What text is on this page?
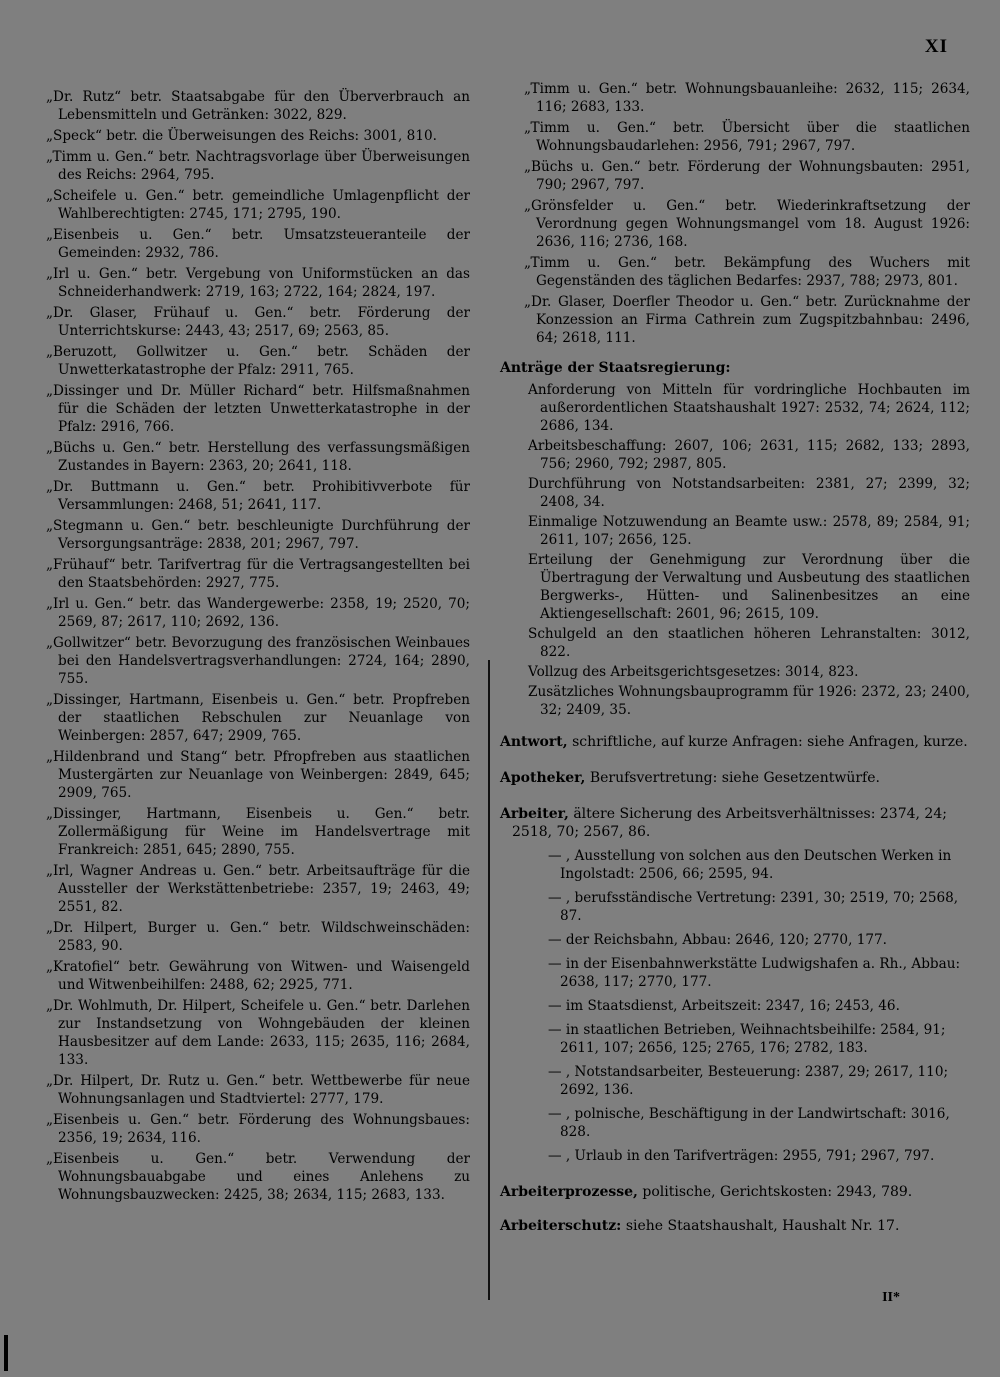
XI

„Dr. Rutz“ betr. Staatsabgabe für den Überverbrauch an Lebensmitteln und Getränken: 3022, 829.

„Speck“ betr. die Überweisungen des Reichs: 3001, 810.

„Timm u. Gen.“ betr. Nachtragsvorlage über Überweisungen des Reichs: 2964, 795.

„Scheifele u. Gen.“ betr. gemeindliche Umlagenpflicht der Wahlberechtigten: 2745, 171; 2795, 190.

„Eisenbeis u. Gen.“ betr. Umsatzsteueranteile der Gemeinden: 2932, 786.

„Irl u. Gen.“ betr. Vergebung von Uniformstücken an das Schneiderhandwerk: 2719, 163; 2722, 164; 2824, 197.

„Dr. Glaser, Frühauf u. Gen.“ betr. Förderung der Unterrichtskurse: 2443, 43; 2517, 69; 2563, 85.

„Beruzott, Gollwitzer u. Gen.“ betr. Schäden der Unwetterkatastrophe der Pfalz: 2911, 765.

„Dissinger und Dr. Müller Richard“ betr. Hilfsmaßnahmen für die Schäden der letzten Unwetterkatastrophe in der Pfalz: 2916, 766.

„Büchs u. Gen.“ betr. Herstellung des verfassungsmäßigen Zustandes in Bayern: 2363, 20; 2641, 118.

„Dr. Buttmann u. Gen.“ betr. Prohibitivverbote für Versammlungen: 2468, 51; 2641, 117.

„Stegmann u. Gen.“ betr. beschleunigte Durchführung der Versorgungsanträge: 2838, 201; 2967, 797.

„Frühauf“ betr. Tarifvertrag für die Vertragsangestellten bei den Staatsbehörden: 2927, 775.

„Irl u. Gen.“ betr. das Wandergewerbe: 2358, 19; 2520, 70; 2569, 87; 2617, 110; 2692, 136.

„Gollwitzer“ betr. Bevorzugung des französischen Weinbaues bei den Handelsvertragsverhandlungen: 2724, 164; 2890, 755.

„Dissinger, Hartmann, Eisenbeis u. Gen.“ betr. Propfreben der staatlichen Rebschulen zur Neuanlage von Weinbergen: 2857, 647; 2909, 765.

„Hildenbrand und Stang“ betr. Pfropfreben aus staatlichen Mustergärten zur Neuanlage von Weinbergen: 2849, 645; 2909, 765.

„Dissinger, Hartmann, Eisenbeis u. Gen.“ betr. Zollermäßigung für Weine im Handelsvertrage mit Frankreich: 2851, 645; 2890, 755.

„Irl, Wagner Andreas u. Gen.“ betr. Arbeitsaufträge für die Aussteller der Werkstättenbetriebe: 2357, 19; 2463, 49; 2551, 82.

„Dr. Hilpert, Burger u. Gen.“ betr. Wildschweinschäden: 2583, 90.

„Kratofiel“ betr. Gewährung von Witwen- und Waisengeld und Witwenbeihilfen: 2488, 62; 2925, 771.

„Dr. Wohlmuth, Dr. Hilpert, Scheifele u. Gen.“ betr. Darlehen zur Instandsetzung von Wohngebäuden der kleinen Hausbesitzer auf dem Lande: 2633, 115; 2635, 116; 2684, 133.

„Dr. Hilpert, Dr. Rutz u. Gen.“ betr. Wettbewerbe für neue Wohnungsanlagen und Stadtviertel: 2777, 179.

„Eisenbeis u. Gen.“ betr. Förderung des Wohnungsbaues: 2356, 19; 2634, 116.

„Eisenbeis u. Gen.“ betr. Verwendung der Wohnungsbauabgabe und eines Anlehens zu Wohnungsbauzwecken: 2425, 38; 2634, 115; 2683, 133.

„Timm u. Gen.“ betr. Wohnungsbauanleihe: 2632, 115; 2634, 116; 2683, 133.

„Timm u. Gen.“ betr. Übersicht über die staatlichen Wohnungsbaudarlehen: 2956, 791; 2967, 797.

„Büchs u. Gen.“ betr. Förderung der Wohnungsbauten: 2951, 790; 2967, 797.

„Grönsfelder u. Gen.“ betr. Wiederinkraftsetzung der Verordnung gegen Wohnungsmangel vom 18. August 1926: 2636, 116; 2736, 168.

„Timm u. Gen.“ betr. Bekämpfung des Wuchers mit Gegenständen des täglichen Bedarfes: 2937, 788; 2973, 801.

„Dr. Glaser, Doerfler Theodor u. Gen.“ betr. Zurücknahme der Konzession an Firma Cathrein zum Zugspitzbahnbau: 2496, 64; 2618, 111.

Anträge der Staatsregierung:

Anforderung von Mitteln für vordringliche Hochbauten im außerordentlichen Staatshaushalt 1927: 2532, 74; 2624, 112; 2686, 134.

Arbeitsbeschaffung: 2607, 106; 2631, 115; 2682, 133; 2893, 756; 2960, 792; 2987, 805.

Durchführung von Notstandsarbeiten: 2381, 27; 2399, 32; 2408, 34.

Einmalige Notzuwendung an Beamte usw.: 2578, 89; 2584, 91; 2611, 107; 2656, 125.

Erteilung der Genehmigung zur Verordnung über die Übertragung der Verwaltung und Ausbeutung des staatlichen Bergwerks-, Hütten- und Salinenbesitzes an eine Aktiengesellschaft: 2601, 96; 2615, 109.

Schulgeld an den staatlichen höheren Lehranstalten: 3012, 822.

Vollzug des Arbeitsgerichtsgesetzes: 3014, 823.

Zusätzliches Wohnungsbauprogramm für 1926: 2372, 23; 2400, 32; 2409, 35.

Antwort, schriftliche, auf kurze Anfragen: siehe Anfragen, kurze.

Apotheker, Berufsvertretung: siehe Gesetzentwürfe.

Arbeiter, ältere Sicherung des Arbeitsverhältnisses: 2374, 24; 2518, 70; 2567, 86.

— , Ausstellung von solchen aus den Deutschen Werken in Ingolstadt: 2506, 66; 2595, 94.

— , berufsständische Vertretung: 2391, 30; 2519, 70; 2568, 87.

— der Reichsbahn, Abbau: 2646, 120; 2770, 177.

— in der Eisenbahnwerkstätte Ludwigshafen a. Rh., Abbau: 2638, 117; 2770, 177.

— im Staatsdienst, Arbeitszeit: 2347, 16; 2453, 46.

— in staatlichen Betrieben, Weihnachtsbeihilfe: 2584, 91; 2611, 107; 2656, 125; 2765, 176; 2782, 183.

— , Notstandsarbeiter, Besteuerung: 2387, 29; 2617, 110; 2692, 136.

— , polnische, Beschäftigung in der Landwirtschaft: 3016, 828.

— , Urlaub in den Tarifverträgen: 2955, 791; 2967, 797.

Arbeiterprozesse, politische, Gerichtskosten: 2943, 789.

Arbeiterschutz: siehe Staatshaushalt, Haushalt Nr. 17.

II*
